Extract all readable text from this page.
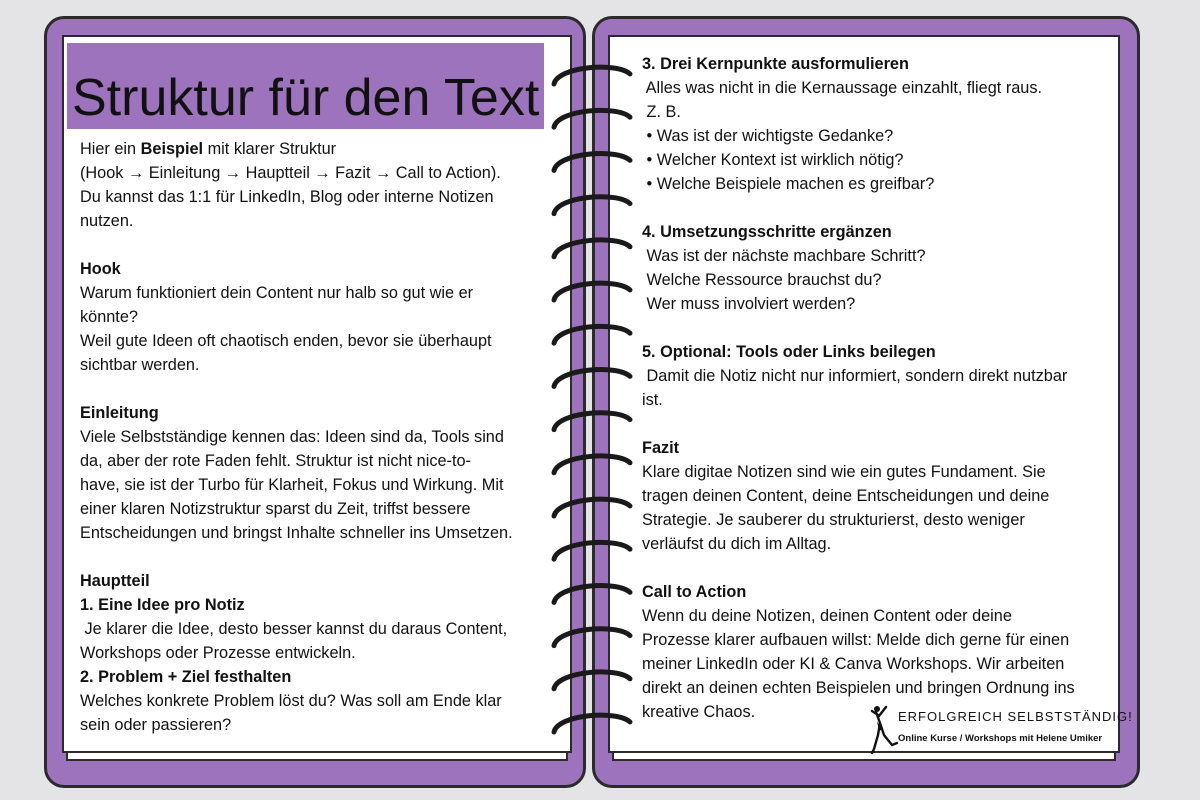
Struktur für den Text

Hier ein Beispiel mit klarer Struktur

(Hook → Einleitung → Hauptteil → Fazit → Call to Action).

Du kannst das 1:1 für LinkedIn, Blog oder interne Notizen

nutzen.

Hook

Warum funktioniert dein Content nur halb so gut wie er

könnte?

Weil gute Ideen oft chaotisch enden, bevor sie überhaupt

sichtbar werden.

Einleitung

Viele Selbstständige kennen das: Ideen sind da, Tools sind

da, aber der rote Faden fehlt. Struktur ist nicht nice-to-

have, sie ist der Turbo für Klarheit, Fokus und Wirkung. Mit

einer klaren Notizstruktur sparst du Zeit, triffst bessere

Entscheidungen und bringst Inhalte schneller ins Umsetzen.

Hauptteil

1. Eine Idee pro Notiz

Je klarer die Idee, desto besser kannst du daraus Content,

Workshops oder Prozesse entwickeln.

2. Problem + Ziel festhalten

Welches konkrete Problem löst du? Was soll am Ende klar

sein oder passieren?

3. Drei Kernpunkte ausformulieren

Alles was nicht in die Kernaussage einzahlt, fliegt raus.

Z. B.

• Was ist der wichtigste Gedanke?

• Welcher Kontext ist wirklich nötig?

• Welche Beispiele machen es greifbar?

4. Umsetzungsschritte ergänzen

Was ist der nächste machbare Schritt?

Welche Ressource brauchst du?

Wer muss involviert werden?

5. Optional: Tools oder Links beilegen

Damit die Notiz nicht nur informiert, sondern direkt nutzbar

ist.

Fazit

Klare digitae Notizen sind wie ein gutes Fundament. Sie

tragen deinen Content, deine Entscheidungen und deine

Strategie. Je sauberer du strukturierst, desto weniger

verläufst du dich im Alltag.

Call to Action

Wenn du deine Notizen, deinen Content oder deine

Prozesse klarer aufbauen willst: Melde dich gerne für einen

meiner LinkedIn oder KI & Canva Workshops. Wir arbeiten

direkt an deinen echten Beispielen und bringen Ordnung ins

kreative Chaos.	ERFOLGREICH SELBSTSTÄNDIG!
Online Kurse / Workshops mit Helene Umiker
